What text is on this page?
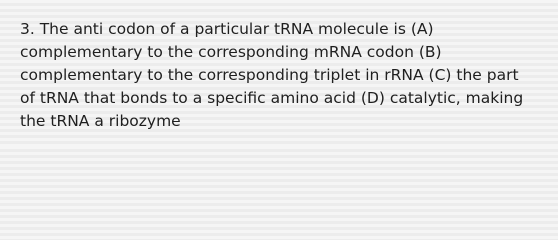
3. The anti codon of a particular tRNA molecule is (A)
complementary to the corresponding mRNA codon (B)
complementary to the corresponding triplet in rRNA (C) the part
of tRNA that bonds to a specific amino acid (D) catalytic, making
the tRNA a ribozyme
